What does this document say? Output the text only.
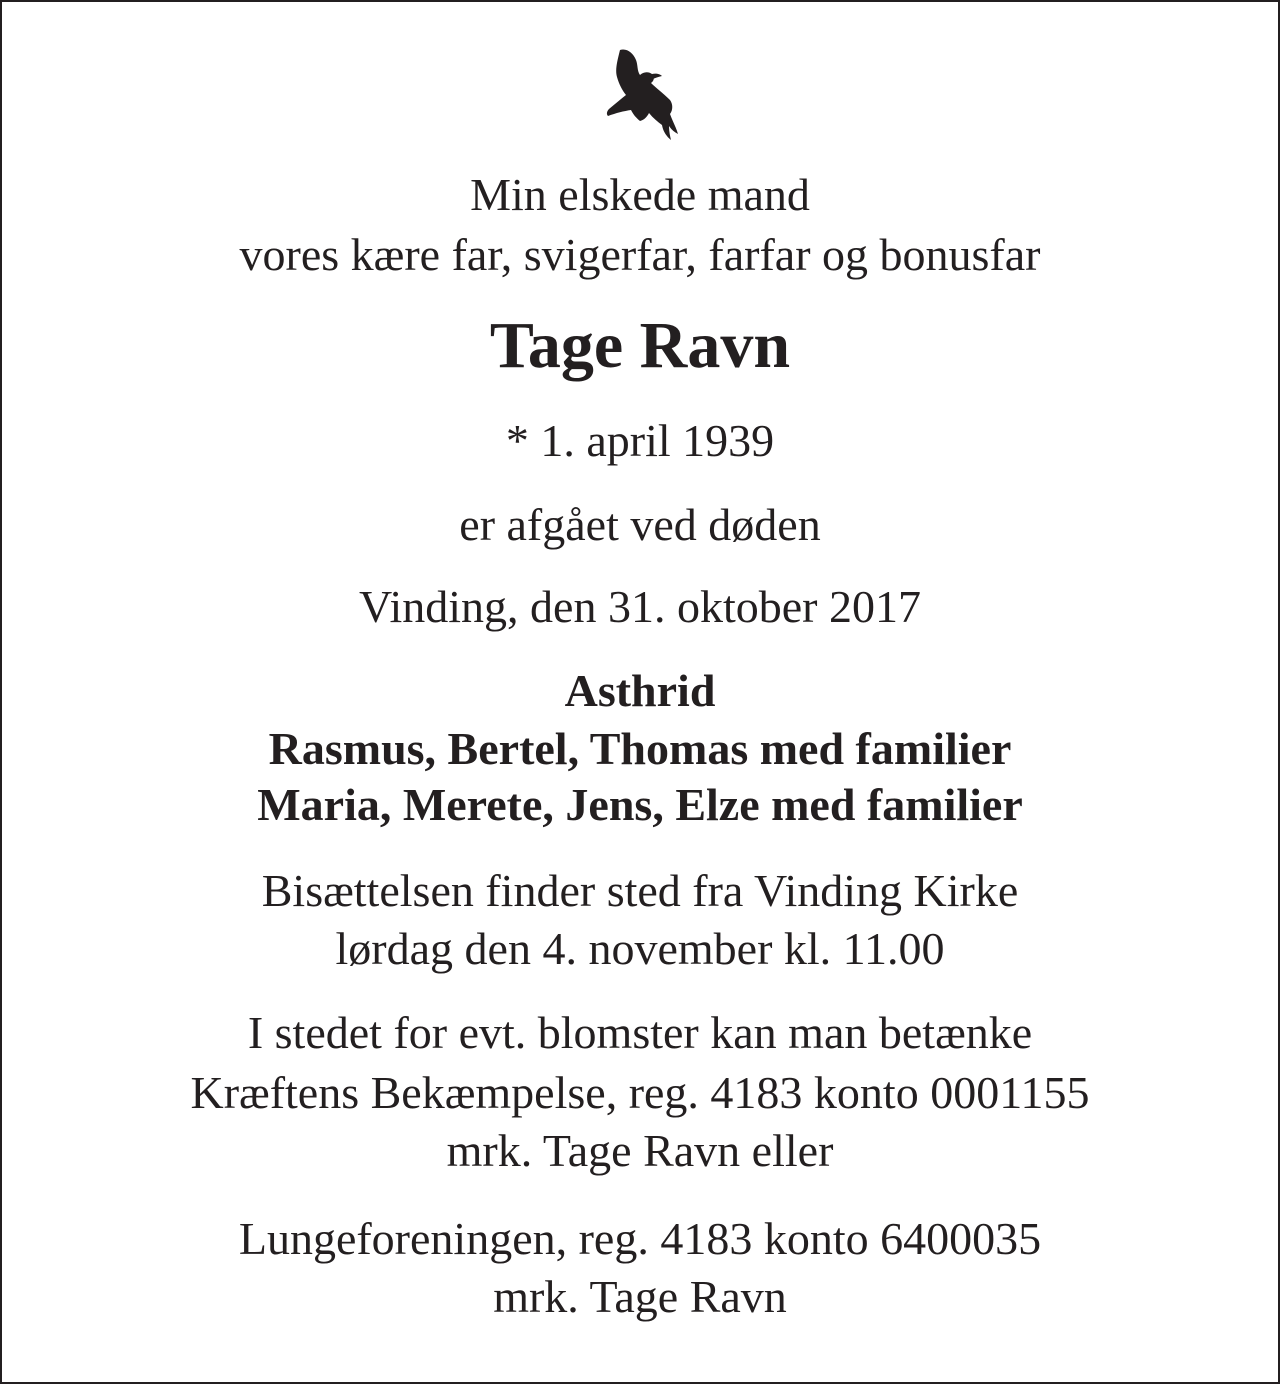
Min elskede mand
vores kære far, svigerfar, farfar og bonusfar
Tage Ravn
* 1. april 1939
er afgået ved døden
Vinding, den 31. oktober 2017
Asthrid
Rasmus, Bertel, Thomas med familier
Maria, Merete, Jens, Elze med familier
Bisættelsen finder sted fra Vinding Kirke
lørdag den 4. november kl. 11.00
I stedet for evt. blomster kan man betænke
Kræftens Bekæmpelse, reg. 4183 konto 0001155
mrk. Tage Ravn eller
Lungeforeningen, reg. 4183 konto 6400035
mrk. Tage Ravn
